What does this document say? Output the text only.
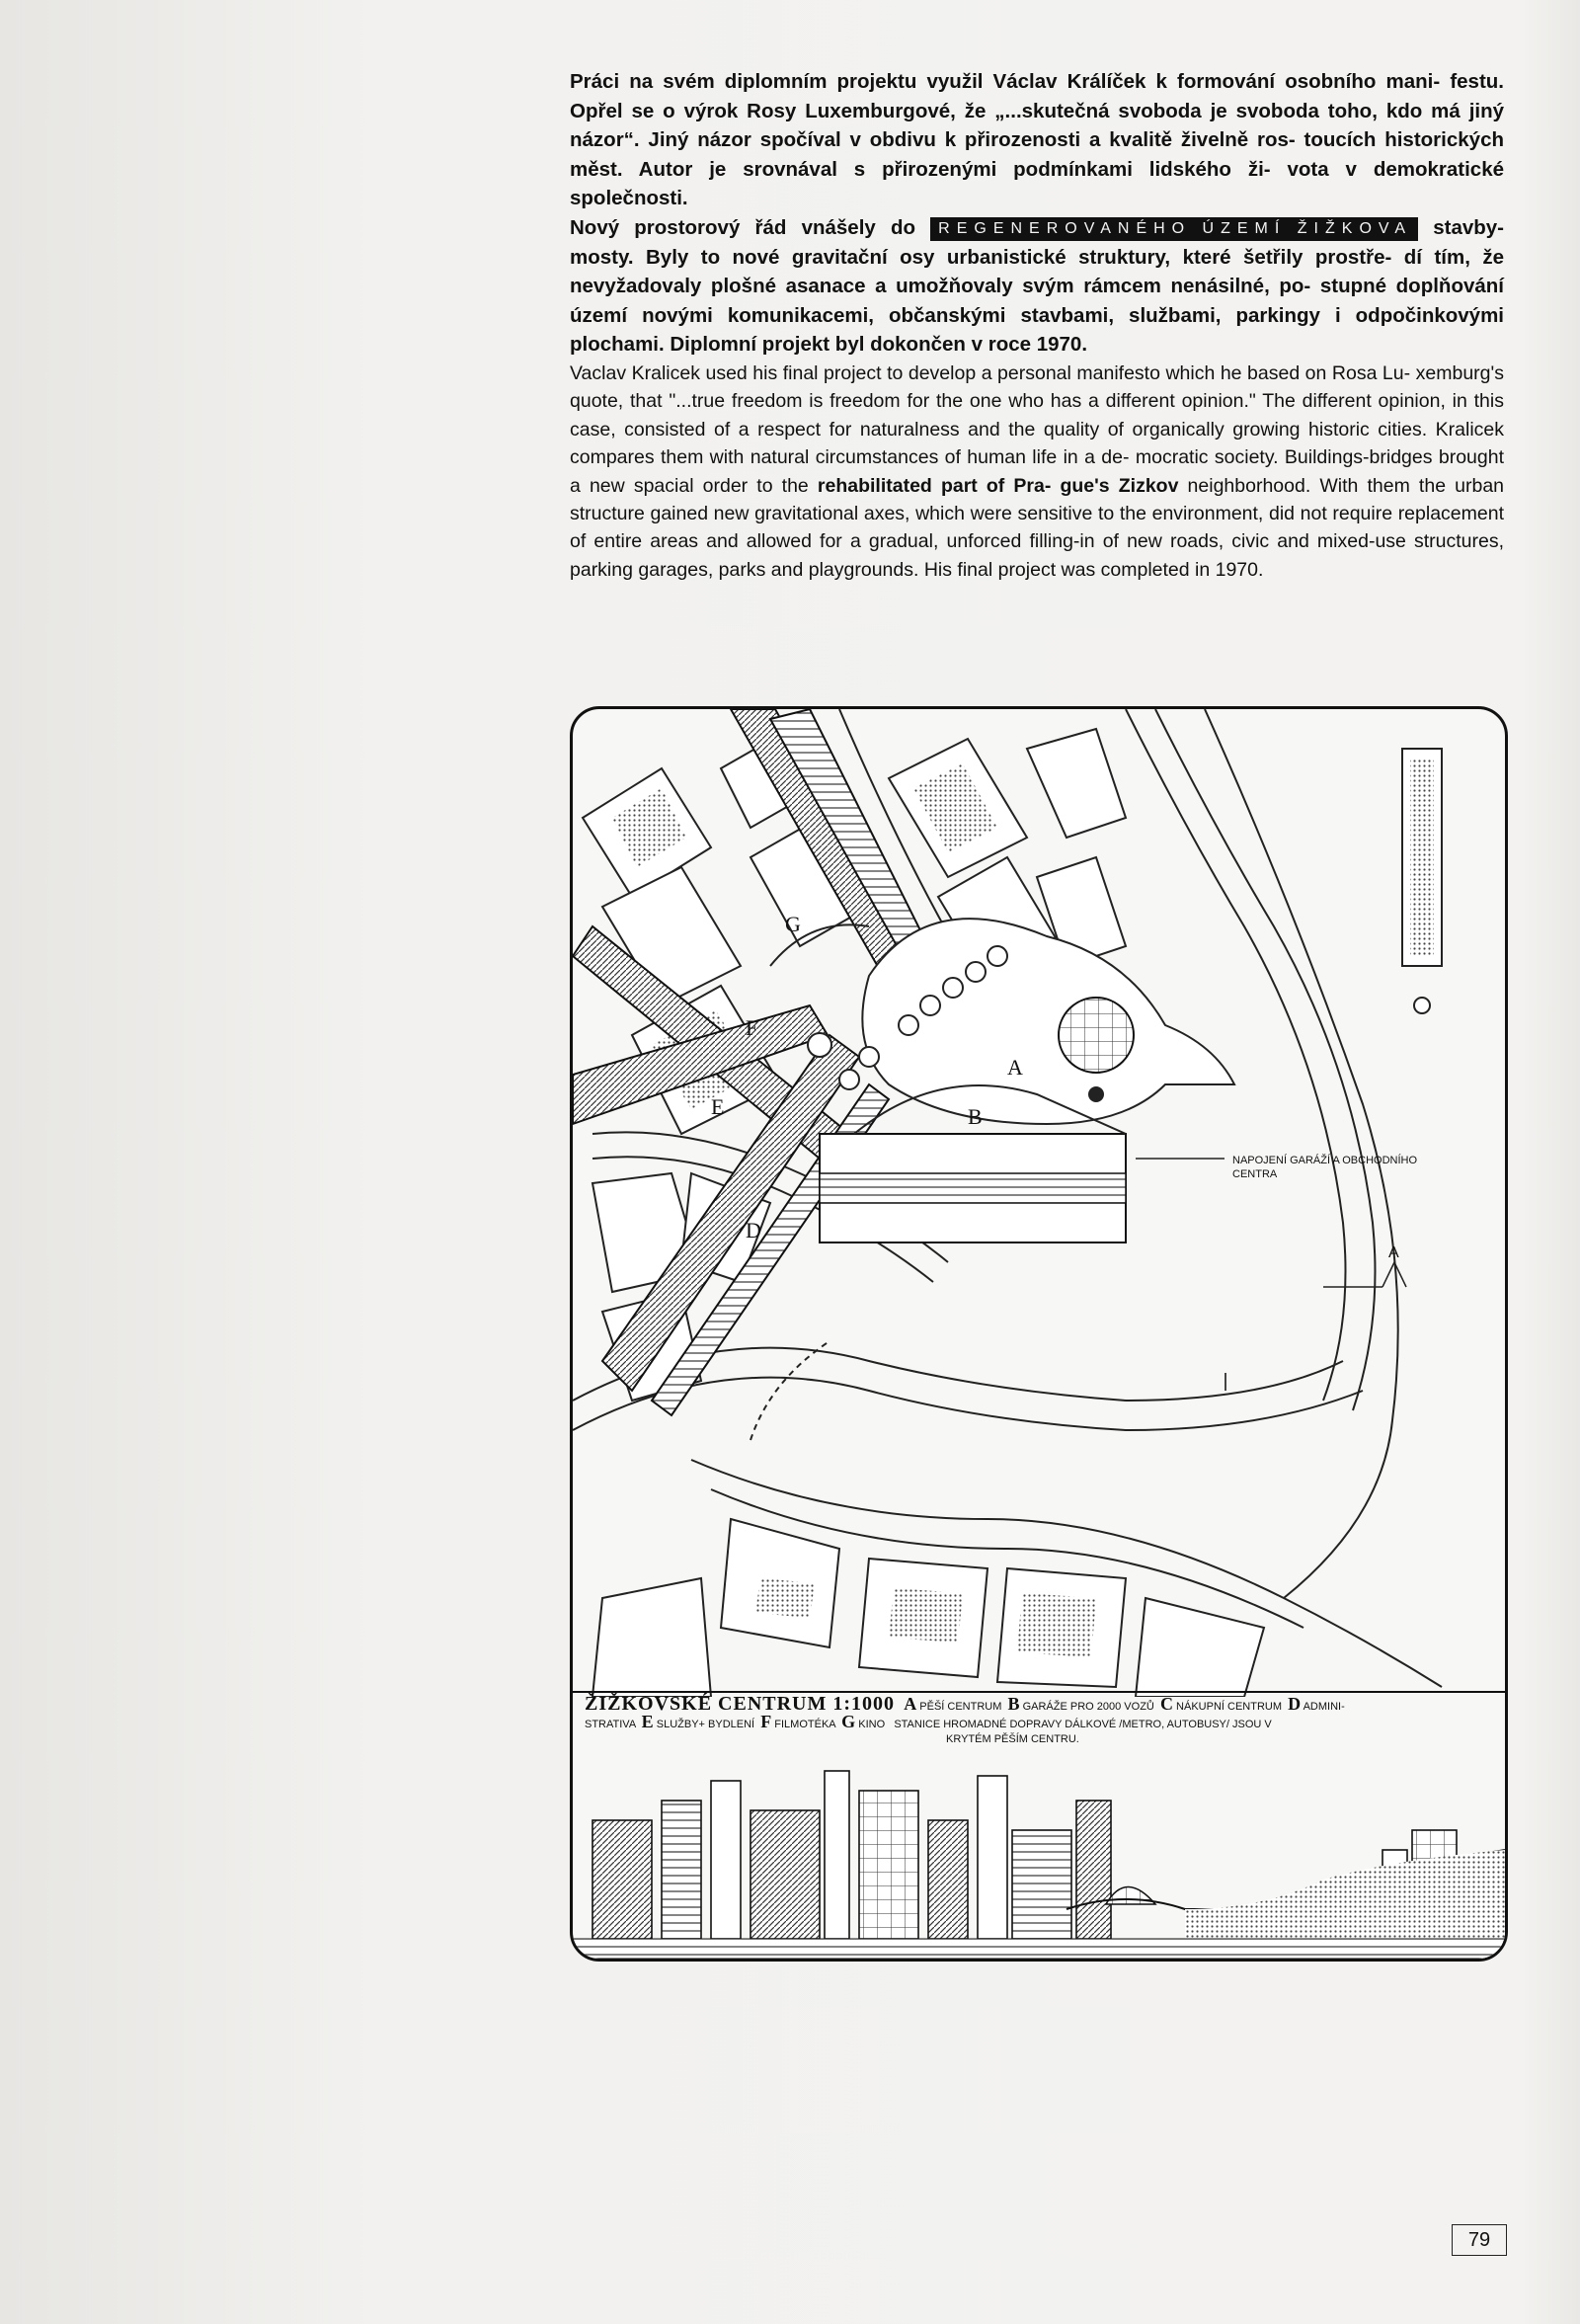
Práci na svém diplomním projektu využil Václav Králíček k formování osobního mani- festu. Opřel se o výrok Rosy Luxemburgové, že „...skutečná svoboda je svoboda toho, kdo má jiný názor“. Jiný názor spočíval v obdivu k přirozenosti a kvalitě živelně ros- toucích historických měst. Autor je srovnával s přirozenými podmínkami lidského ži- vota v demokratické společnosti.
Nový prostorový řád vnášely do REGENEROVANÉHO ÚZEMÍ ŽIŽKOVA stavby-mosty. Byly to nové gravitační osy urbanistické struktury, které šetřily prostře- dí tím, že nevyžadovaly plošné asanace a umožňovaly svým rámcem nenásilné, po- stupné doplňování území novými komunikacemi, občanskými stavbami, službami, parkingy i odpočinkovými plochami. Diplomní projekt byl dokončen v roce 1970.

Vaclav Kralicek used his final project to develop a personal manifesto which he based on Rosa Lu- xemburg's quote, that "...true freedom is freedom for the one who has a different opinion." The different opinion, in this case, consisted of a respect for naturalness and the quality of organically growing historic cities. Kralicek compares them with natural circumstances of human life in a de- mocratic society. Buildings-bridges brought a new spacial order to the rehabilitated part of Pra- gue's Zizkov neighborhood. With them the urban structure gained new gravitational axes, which were sensitive to the environment, did not require replacement of entire areas and allowed for a gradual, unforced filling-in of new roads, civic and mixed-use structures, parking garages, parks and playgrounds. His final project was completed in 1970.

G
A
B
D
E
F
NAPOJENÍ GARÁŽÍ A OBCHODNÍHO
CENTRA
A
ŽIŽKOVSKÉ CENTRUM 1:1000 A PĚŠÍ CENTRUM B GARÁŽE PRO 2000 VOZŮ C NÁKUPNÍ CENTRUM D ADMINI-
STRATIVA E SLUŽBY+ BYDLENÍ F FILMOTÉKA G KINO STANICE HROMADNÉ DOPRAVY DÁLKOVÉ /METRO, AUTOBUSY/ JSOU V
KRYTÉM PĚŠÍM CENTRU.
79
